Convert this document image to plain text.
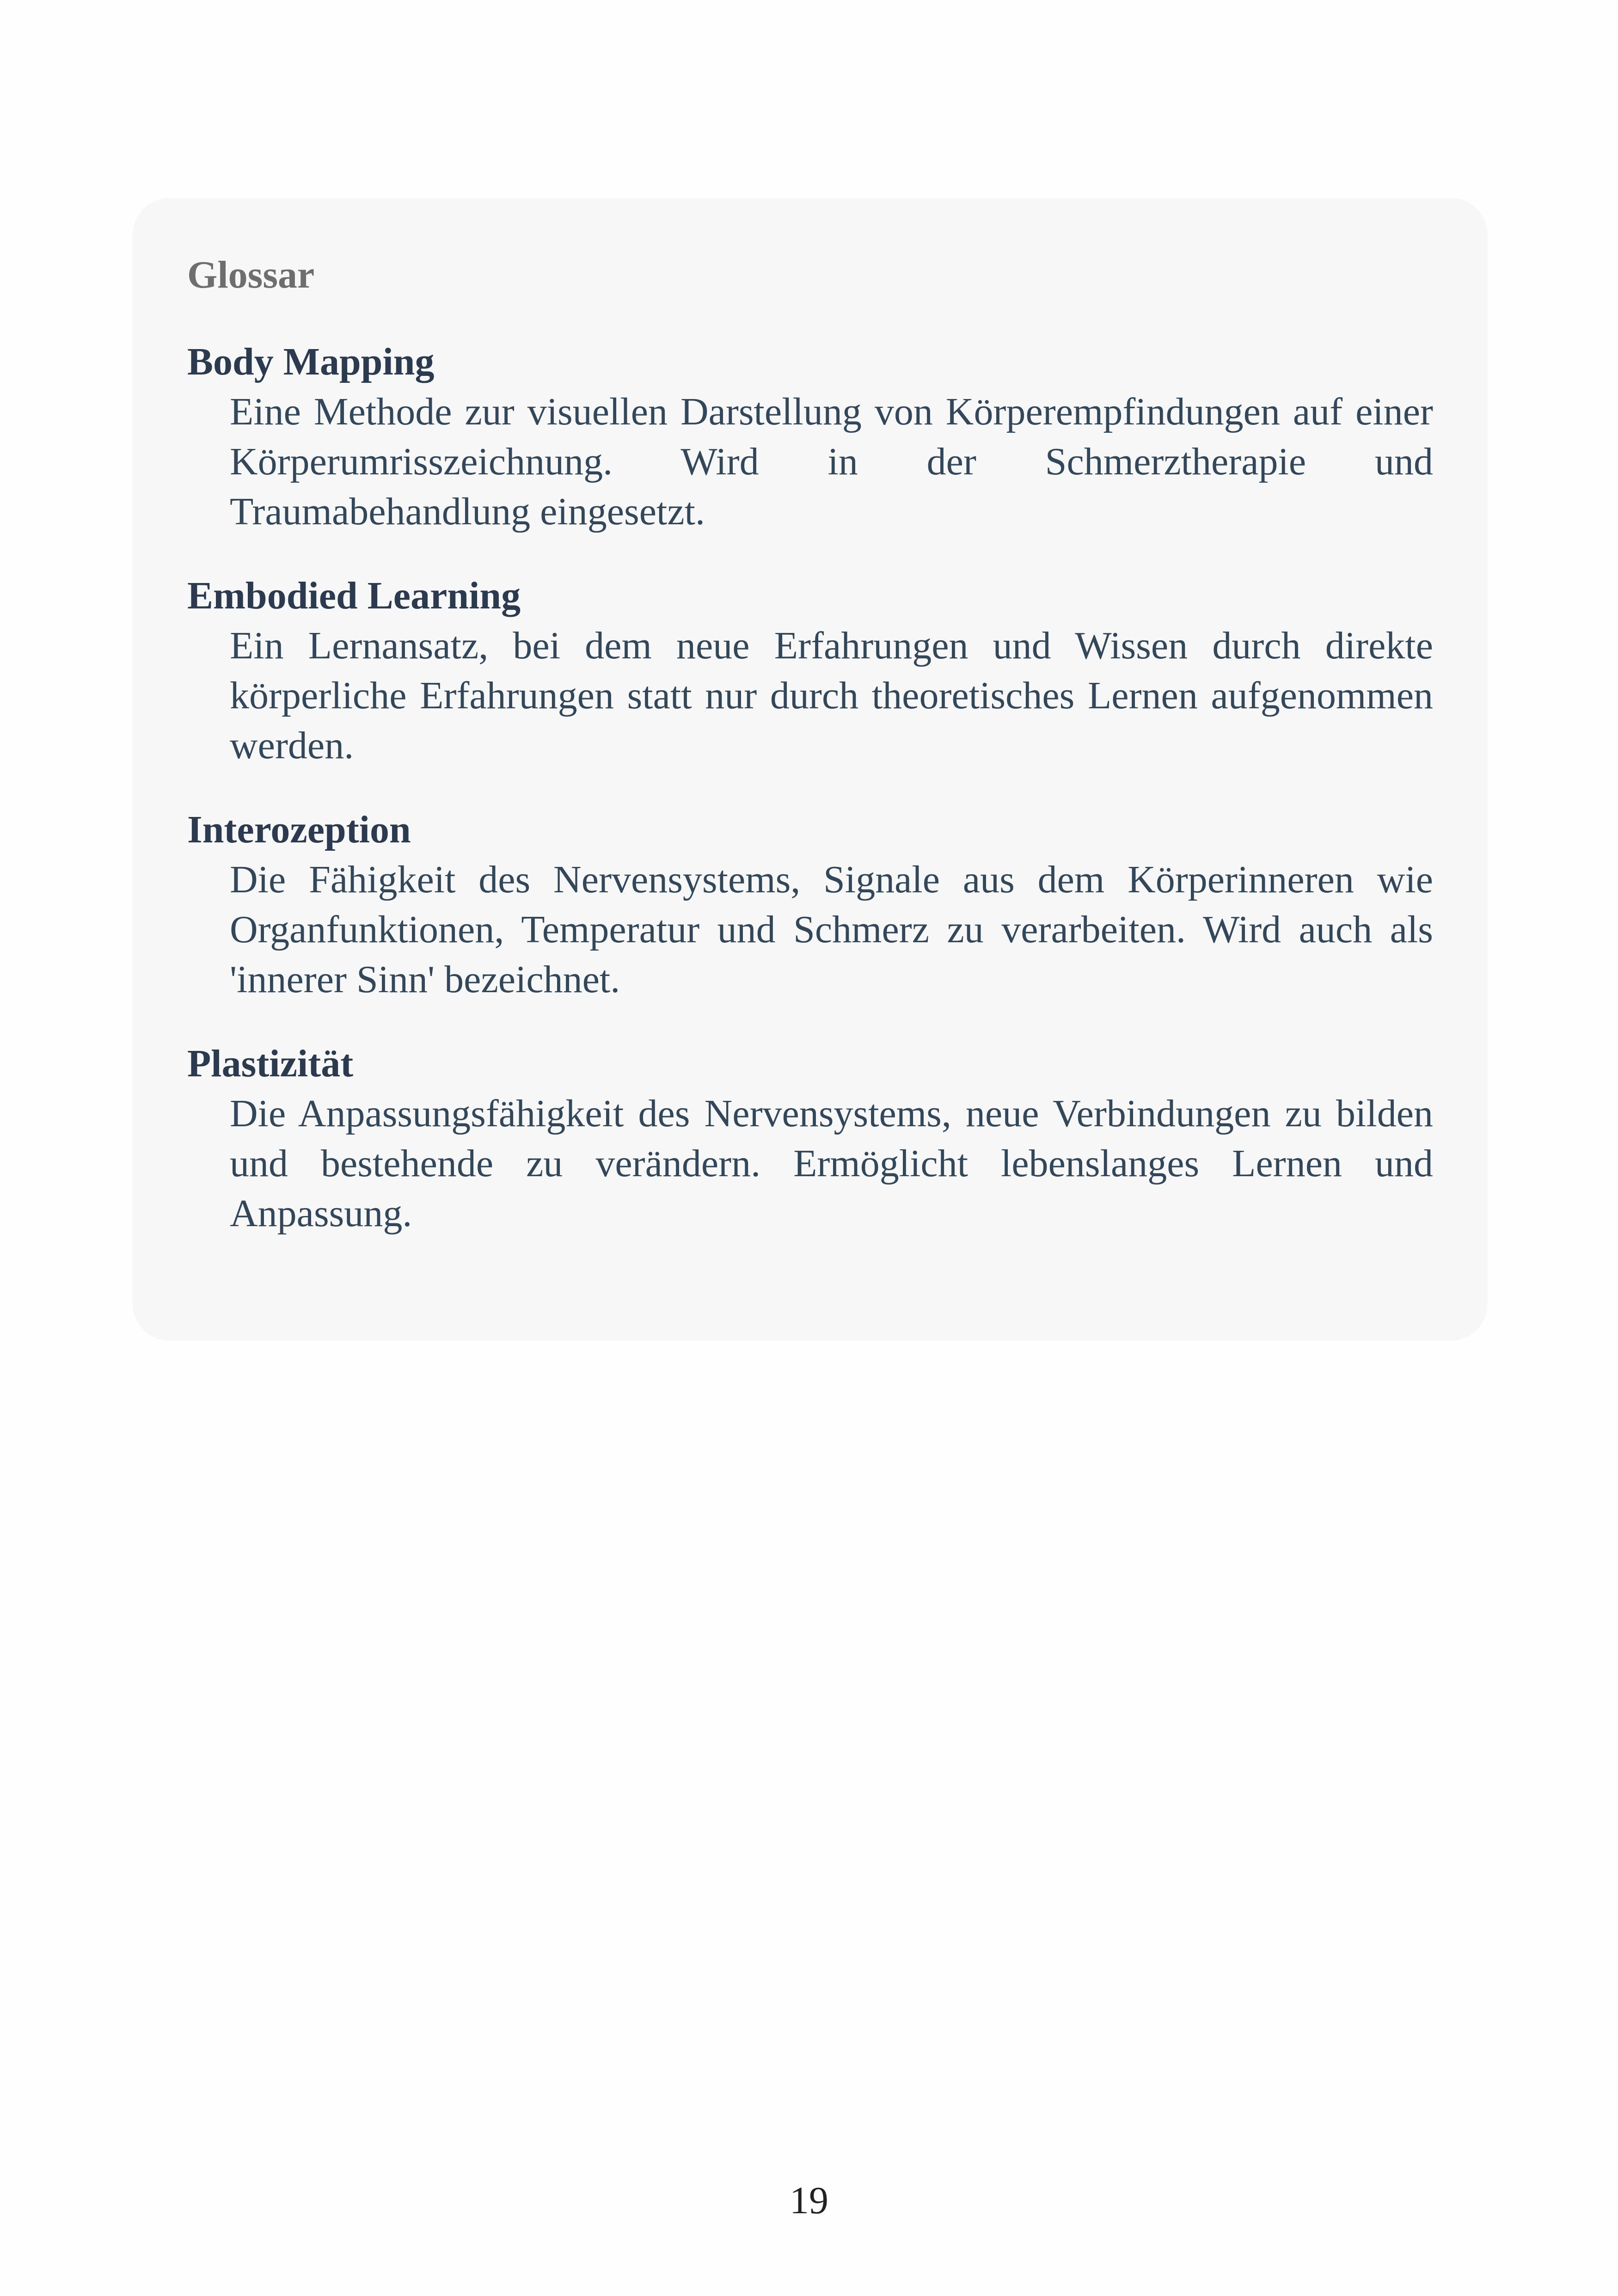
Glossar
Body Mapping

Eine Methode zur visuellen Darstellung von Körperempfindungen auf einer Körperumrisszeichnung. Wird in der Schmerztherapie und Traumabehandlung eingesetzt.

Embodied Learning

Ein Lernansatz, bei dem neue Erfahrungen und Wissen durch direkte körperliche Erfahrungen statt nur durch theoretisches Lernen aufgenommen werden.

Interozeption

Die Fähigkeit des Nervensystems, Signale aus dem Körperinneren wie Organfunktionen, Temperatur und Schmerz zu verarbeiten. Wird auch als 'innerer Sinn' bezeichnet.

Plastizität

Die Anpassungsfähigkeit des Nervensystems, neue Verbindungen zu bilden und bestehende zu verändern. Ermöglicht lebenslanges Lernen und Anpassung.

19
